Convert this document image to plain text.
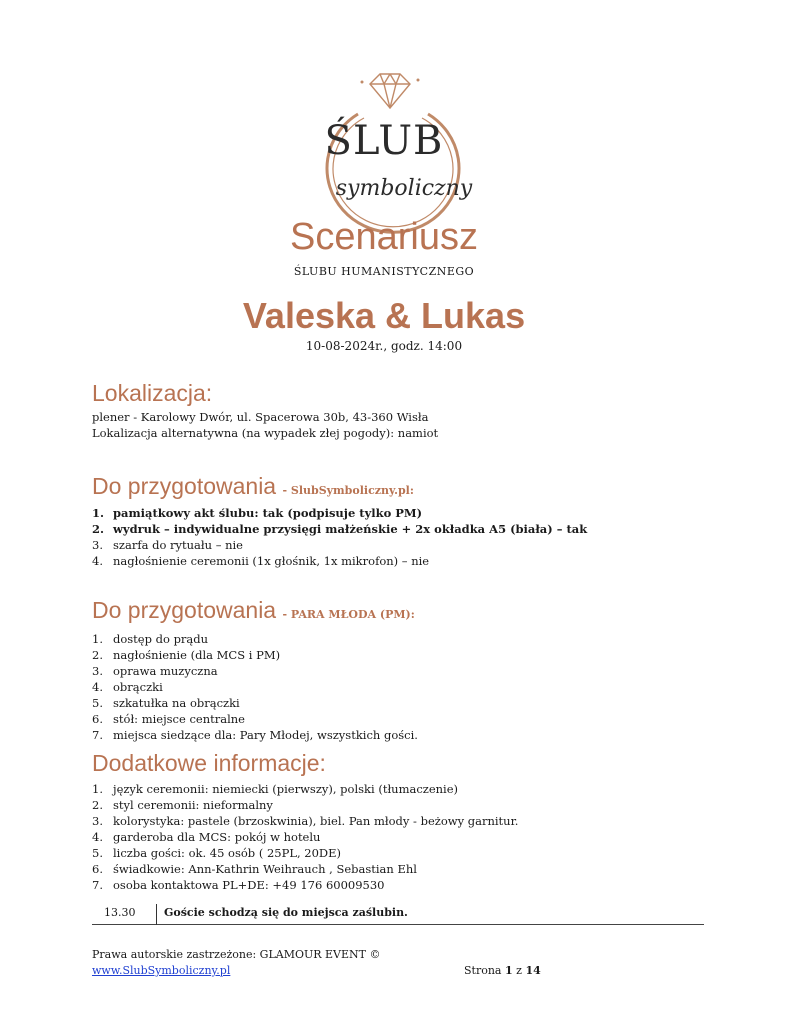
ŚLUB
symboliczny
Scenariusz
ŚLUBU HUMANISTYCZNEGO
Valeska & Lukas
10-08-2024r., godz. 14:00
Lokalizacja:
plener - Karolowy Dwór, ul. Spacerowa 30b, 43-360 Wisła
Lokalizacja alternatywna (na wypadek złej pogody): namiot
Do przygotowania - SlubSymboliczny.pl:
1. pamiątkowy akt ślubu: tak (podpisuje tylko PM)
2. wydruk – indywidualne przysięgi małżeńskie + 2x okładka A5 (biała) – tak
3. szarfa do rytuału – nie
4. nagłośnienie ceremonii (1x głośnik, 1x mikrofon) – nie
Do przygotowania - PARA MŁODA (PM):
1. dostęp do prądu
2. nagłośnienie (dla MCS i PM)
3. oprawa muzyczna
4. obrączki
5. szkatułka na obrączki
6. stół: miejsce centralne
7. miejsca siedzące dla: Pary Młodej, wszystkich gości.
Dodatkowe informacje:
1. język ceremonii: niemiecki (pierwszy), polski (tłumaczenie)
2. styl ceremonii: nieformalny
3. kolorystyka: pastele (brzoskwinia), biel. Pan młody - beżowy garnitur.
4. garderoba dla MCS: pokój w hotelu
5. liczba gości: ok. 45 osób ( 25PL, 20DE)
6. świadkowie: Ann-Kathrin Weihrauch , Sebastian Ehl
7. osoba kontaktowa PL+DE: +49 176 60009530
13.30	Goście schodzą się do miejsca zaślubin.
Prawa autorskie zastrzeżone: GLAMOUR EVENT ©
www.SlubSymboliczny.pl	Strona 1 z 14
